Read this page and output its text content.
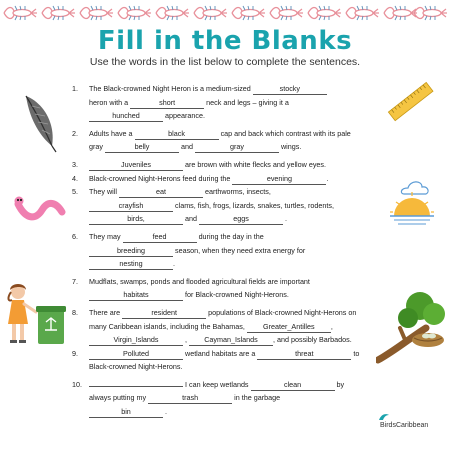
Fill in the Blanks
Use the words in the list below to complete the sentences.
1.	The Black-crowned Night Heron is a medium-sized	stocky
heron with a	short	neck and legs – giving it a
hunched	appearance.
2.	Adults have a	black	cap and back which contrast with its pale
gray	belly	and	gray	wings.
3.	Juveniles	are brown with white flecks and yellow eyes.
4.	Black-crowned Night-Herons feed during the	evening	.
5.	They will	eat	earthworms, insects,
crayfish	clams, fish, frogs, lizards, snakes, turtles, rodents,
birds,	and	eggs	.
6.	They may	feed	during the day in the
breeding	season, when they need extra energy for
nesting	.
7.	Mudflats, swamps, ponds and flooded agricultural fields are important
habitats	for Black-crowned Night-Herons.
8.	There are	resident	populations of Black-crowned Night-Herons on
many Caribbean islands, including the Bahamas,	Greater_Antilles ,
Virgin_Islands	, Cayman_Islands , and possibly Barbados.
9.	Polluted	wetland habitats are a	threat	to
Black-crowned Night-Herons.
10.	I can keep wetlands	clean	by
always putting my	trash	in the garbage
bin	.
BirdsCaribbean
